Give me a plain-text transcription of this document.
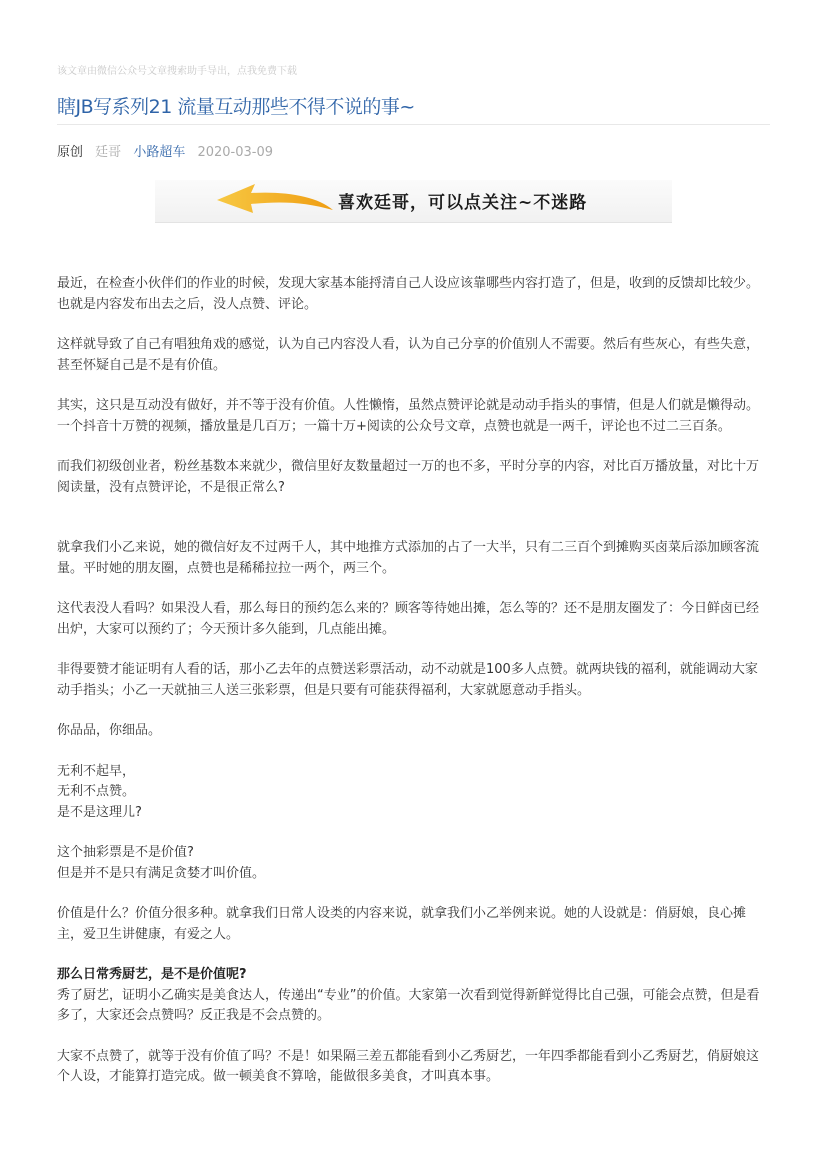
该文章由微信公众号文章搜索助手导出，点我免费下载
瞎JB写系列21 流量互动那些不得不说的事~
原创 廷哥 小路超车 2020-03-09
喜欢廷哥，可以点关注~不迷路

最近，在检查小伙伴们的作业的时候，发现大家基本能捋清自己人设应该靠哪些内容打造了，但是，收到的反馈却比较少。也就是内容发布出去之后，没人点赞、评论。

这样就导致了自己有唱独角戏的感觉，认为自己内容没人看，认为自己分享的价值别人不需要。然后有些灰心，有些失意，甚至怀疑自己是不是有价值。

其实，这只是互动没有做好，并不等于没有价值。人性懒惰，虽然点赞评论就是动动手指头的事情，但是人们就是懒得动。一个抖音十万赞的视频，播放量是几百万；一篇十万+阅读的公众号文章，点赞也就是一两千，评论也不过二三百条。

而我们初级创业者，粉丝基数本来就少，微信里好友数量超过一万的也不多，平时分享的内容，对比百万播放量，对比十万阅读量，没有点赞评论，不是很正常么?

就拿我们小乙来说，她的微信好友不过两千人，其中地推方式添加的占了一大半，只有二三百个到摊购买卤菜后添加顾客流量。平时她的朋友圈，点赞也是稀稀拉拉一两个，两三个。

这代表没人看吗？如果没人看，那么每日的预约怎么来的？顾客等待她出摊，怎么等的？还不是朋友圈发了：今日鲜卤已经出炉，大家可以预约了；今天预计多久能到，几点能出摊。

非得要赞才能证明有人看的话，那小乙去年的点赞送彩票活动，动不动就是100多人点赞。就两块钱的福利，就能调动大家动手指头；小乙一天就抽三人送三张彩票，但是只要有可能获得福利，大家就愿意动手指头。

你品品，你细品。

无利不起早，
无利不点赞。
是不是这理儿?

这个抽彩票是不是价值?
但是并不是只有满足贪婪才叫价值。

价值是什么？价值分很多种。就拿我们日常人设类的内容来说，就拿我们小乙举例来说。她的人设就是：俏厨娘，良心摊主，爱卫生讲健康，有爱之人。

那么日常秀厨艺，是不是价值呢?
秀了厨艺，证明小乙确实是美食达人，传递出“专业”的价值。大家第一次看到觉得新鲜觉得比自己强，可能会点赞，但是看多了，大家还会点赞吗？反正我是不会点赞的。

大家不点赞了，就等于没有价值了吗？不是！如果隔三差五都能看到小乙秀厨艺，一年四季都能看到小乙秀厨艺，俏厨娘这个人设，才能算打造完成。做一顿美食不算啥，能做很多美食，才叫真本事。
